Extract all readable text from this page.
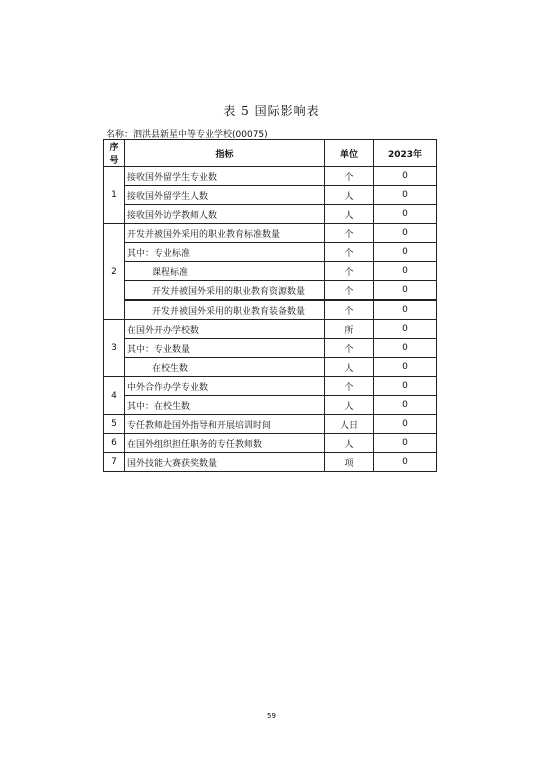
表 5 国际影响表
名称：泗洪县新星中等专业学校(00075)
序号	指标	单位	2023年
1	接收国外留学生专业数	个	0
	接收国外留学生人数	人	0
	接收国外访学教师人数	人	0
2	开发并被国外采用的职业教育标准数量	个	0
	其中：专业标准	个	0
	课程标准	个	0
	开发并被国外采用的职业教育资源数量	个	0
	开发并被国外采用的职业教育装备数量	个	0
3	在国外开办学校数	所	0
	其中：专业数量	个	0
	在校生数	人	0
4	中外合作办学专业数	个	0
	其中：在校生数	人	0
5	专任教师赴国外指导和开展培训时间	人日	0
6	在国外组织担任职务的专任教师数	人	0
7	国外技能大赛获奖数量	项	0
59
